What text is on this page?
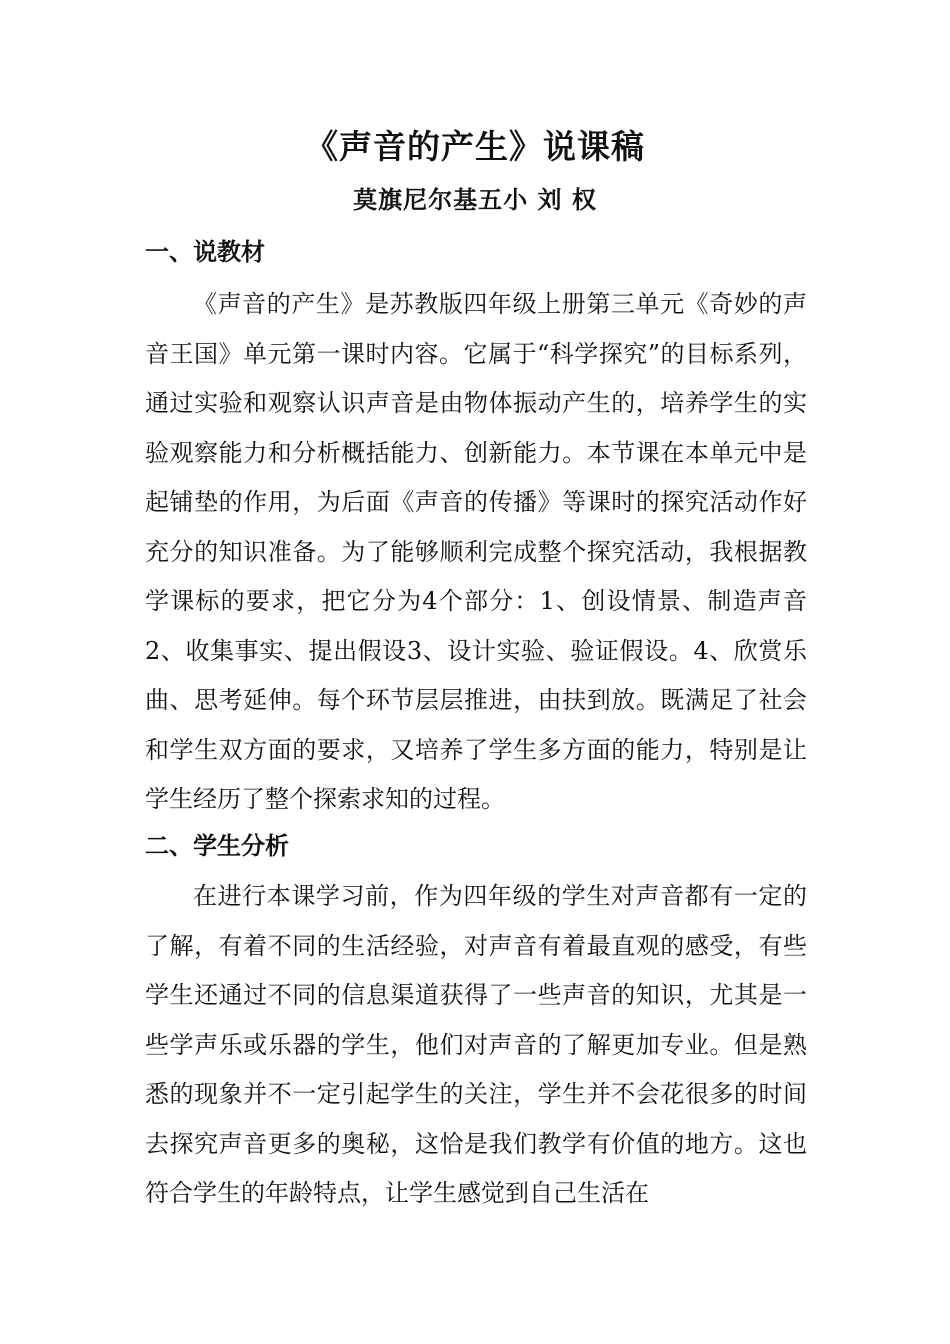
《声音的产生》说课稿
莫旗尼尔基五小 刘 权
一、说教材
《声音的产生》是苏教版四年级上册第三单元《奇妙的声音王国》单元第一课时内容。它属于“科学探究”的目标系列，通过实验和观察认识声音是由物体振动产生的，培养学生的实验观察能力和分析概括能力、创新能力。本节课在本单元中是起铺垫的作用，为后面《声音的传播》等课时的探究活动作好充分的知识准备。为了能够顺利完成整个探究活动，我根据教学课标的要求，把它分为4个部分：1、创设情景、制造声音2、收集事实、提出假设3、设计实验、验证假设。4、欣赏乐曲、思考延伸。每个环节层层推进，由扶到放。既满足了社会和学生双方面的要求，又培养了学生多方面的能力，特别是让学生经历了整个探索求知的过程。
二、学生分析
在进行本课学习前，作为四年级的学生对声音都有一定的了解，有着不同的生活经验，对声音有着最直观的感受，有些学生还通过不同的信息渠道获得了一些声音的知识，尤其是一些学声乐或乐器的学生，他们对声音的了解更加专业。但是熟悉的现象并不一定引起学生的关注，学生并不会花很多的时间去探究声音更多的奥秘，这恰是我们教学有价值的地方。这也符合学生的年龄特点，让学生感觉到自己生活在
